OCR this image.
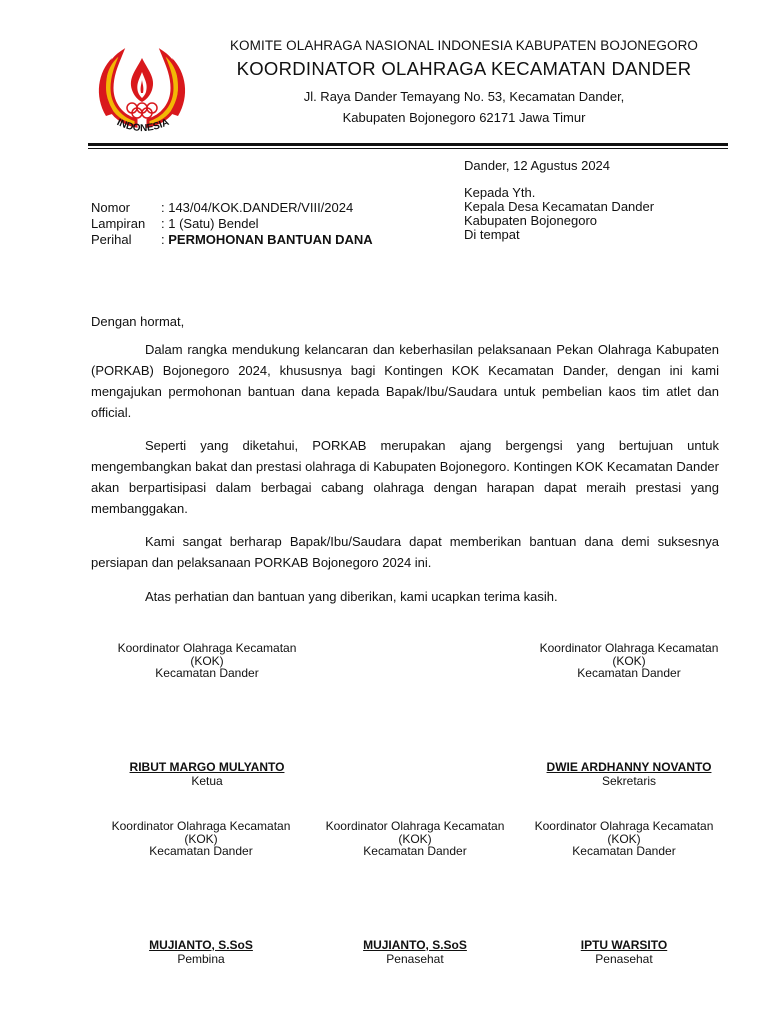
INDONESIA
KOMITE OLAHRAGA NASIONAL INDONESIA KABUPATEN BOJONEGORO
KOORDINATOR OLAHRAGA KECAMATAN DANDER
Jl. Raya Dander Temayang No. 53, Kecamatan Dander,
Kabupaten Bojonegoro 62171 Jawa Timur
Dander, 12 Agustus 2024
Kepada Yth.
Kepala Desa Kecamatan Dander
Kabupaten Bojonegoro
Di tempat
Nomor : 143/04/KOK.DANDER/VIII/2024
Lampiran : 1 (Satu) Bendel
Perihal : PERMOHONAN BANTUAN DANA
Dengan hormat,
Dalam rangka mendukung kelancaran dan keberhasilan pelaksanaan Pekan Olahraga Kabupaten (PORKAB) Bojonegoro 2024, khususnya bagi Kontingen KOK Kecamatan Dander, dengan ini kami mengajukan permohonan bantuan dana kepada Bapak/Ibu/Saudara untuk pembelian kaos tim atlet dan official.
Seperti yang diketahui, PORKAB merupakan ajang bergengsi yang bertujuan untuk mengembangkan bakat dan prestasi olahraga di Kabupaten Bojonegoro. Kontingen KOK Kecamatan Dander akan berpartisipasi dalam berbagai cabang olahraga dengan harapan dapat meraih prestasi yang membanggakan.
Kami sangat berharap Bapak/Ibu/Saudara dapat memberikan bantuan dana demi suksesnya persiapan dan pelaksanaan PORKAB Bojonegoro 2024 ini.
Atas perhatian dan bantuan yang diberikan, kami ucapkan terima kasih.
Koordinator Olahraga Kecamatan
(KOK)
Kecamatan Dander
RIBUT MARGO MULYANTO
Ketua
Koordinator Olahraga Kecamatan
(KOK)
Kecamatan Dander
DWIE ARDHANNY NOVANTO
Sekretaris
Koordinator Olahraga Kecamatan
(KOK)
Kecamatan Dander
MUJIANTO, S.SoS
Pembina
Koordinator Olahraga Kecamatan
(KOK)
Kecamatan Dander
MUJIANTO, S.SoS
Penasehat
Koordinator Olahraga Kecamatan
(KOK)
Kecamatan Dander
IPTU WARSITO
Penasehat
